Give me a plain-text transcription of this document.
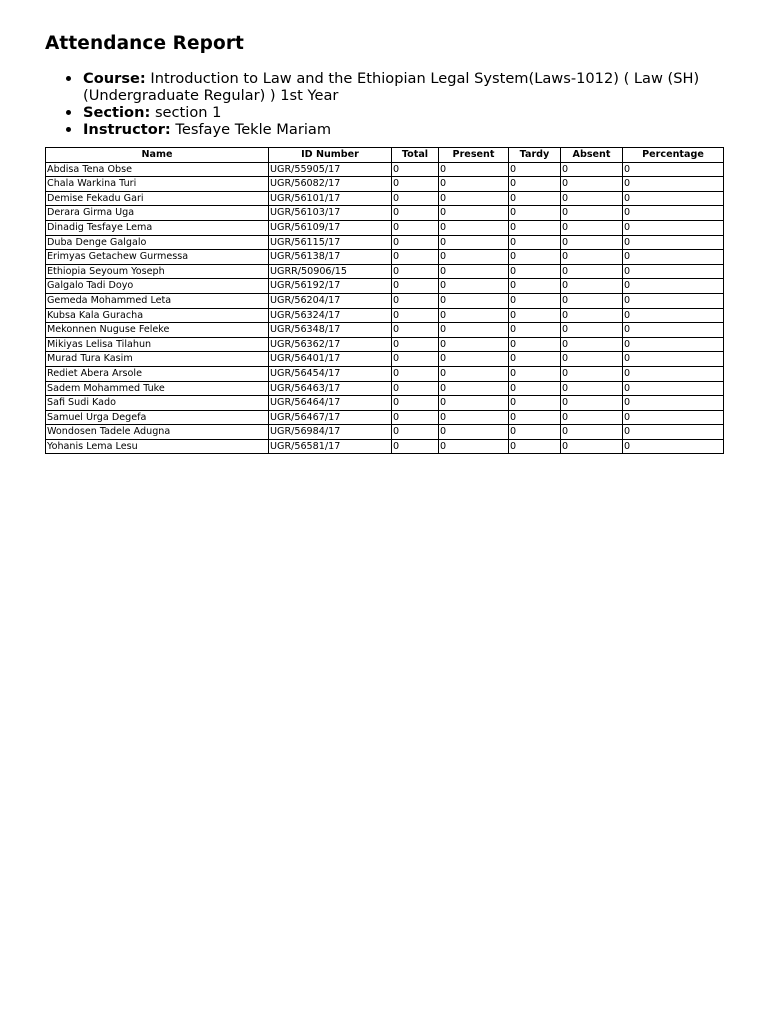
Attendance Report
Course: Introduction to Law and the Ethiopian Legal System(Laws-1012) ( Law (SH) (Undergraduate Regular) ) 1st Year
Section: section 1
Instructor: Tesfaye Tekle Mariam
Name	ID Number	Total	Present	Tardy	Absent	Percentage
Abdisa Tena Obse	UGR/55905/17	0	0	0	0	0
Chala Warkina Turi	UGR/56082/17	0	0	0	0	0
Demise Fekadu Gari	UGR/56101/17	0	0	0	0	0
Derara Girma Uga	UGR/56103/17	0	0	0	0	0
Dinadig Tesfaye Lema	UGR/56109/17	0	0	0	0	0
Duba Denge Galgalo	UGR/56115/17	0	0	0	0	0
Erimyas Getachew Gurmessa	UGR/56138/17	0	0	0	0	0
Ethiopia Seyoum Yoseph	UGRR/50906/15	0	0	0	0	0
Galgalo Tadi Doyo	UGR/56192/17	0	0	0	0	0
Gemeda Mohammed Leta	UGR/56204/17	0	0	0	0	0
Kubsa Kala Guracha	UGR/56324/17	0	0	0	0	0
Mekonnen Nuguse Feleke	UGR/56348/17	0	0	0	0	0
Mikiyas Lelisa Tilahun	UGR/56362/17	0	0	0	0	0
Murad Tura Kasim	UGR/56401/17	0	0	0	0	0
Rediet Abera Arsole	UGR/56454/17	0	0	0	0	0
Sadem Mohammed Tuke	UGR/56463/17	0	0	0	0	0
Safi Sudi Kado	UGR/56464/17	0	0	0	0	0
Samuel Urga Degefa	UGR/56467/17	0	0	0	0	0
Wondosen Tadele Adugna	UGR/56984/17	0	0	0	0	0
Yohanis Lema Lesu	UGR/56581/17	0	0	0	0	0
